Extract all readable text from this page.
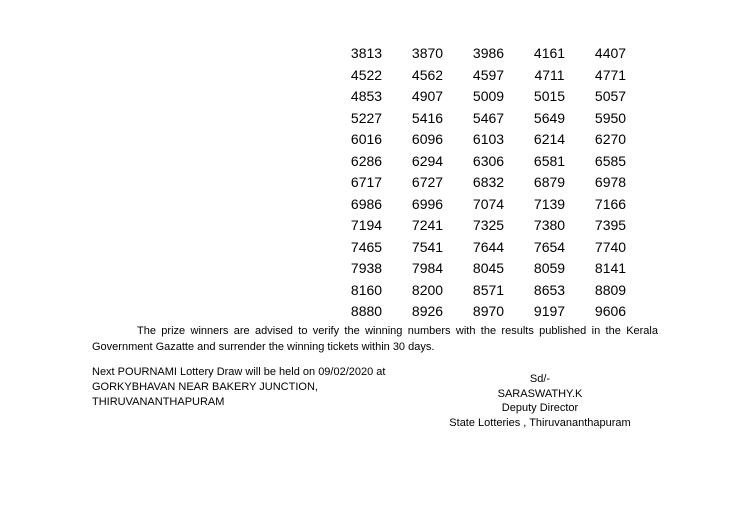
3813	3870	3986	4161	4407
4522	4562	4597	4711	4771
4853	4907	5009	5015	5057
5227	5416	5467	5649	5950
6016	6096	6103	6214	6270
6286	6294	6306	6581	6585
6717	6727	6832	6879	6978
6986	6996	7074	7139	7166
7194	7241	7325	7380	7395
7465	7541	7644	7654	7740
7938	7984	8045	8059	8141
8160	8200	8571	8653	8809
8880	8926	8970	9197	9606

The prize winners are advised to verify the winning numbers with the results published in the Kerala Government Gazatte and surrender the winning tickets within 30 days.

Next POURNAMI Lottery Draw will be held on 09/02/2020 at
GORKYBHAVAN NEAR BAKERY JUNCTION,
THIRUVANANTHAPURAM
Sd/-
SARASWATHY.K
Deputy Director
State Lotteries , Thiruvananthapuram
